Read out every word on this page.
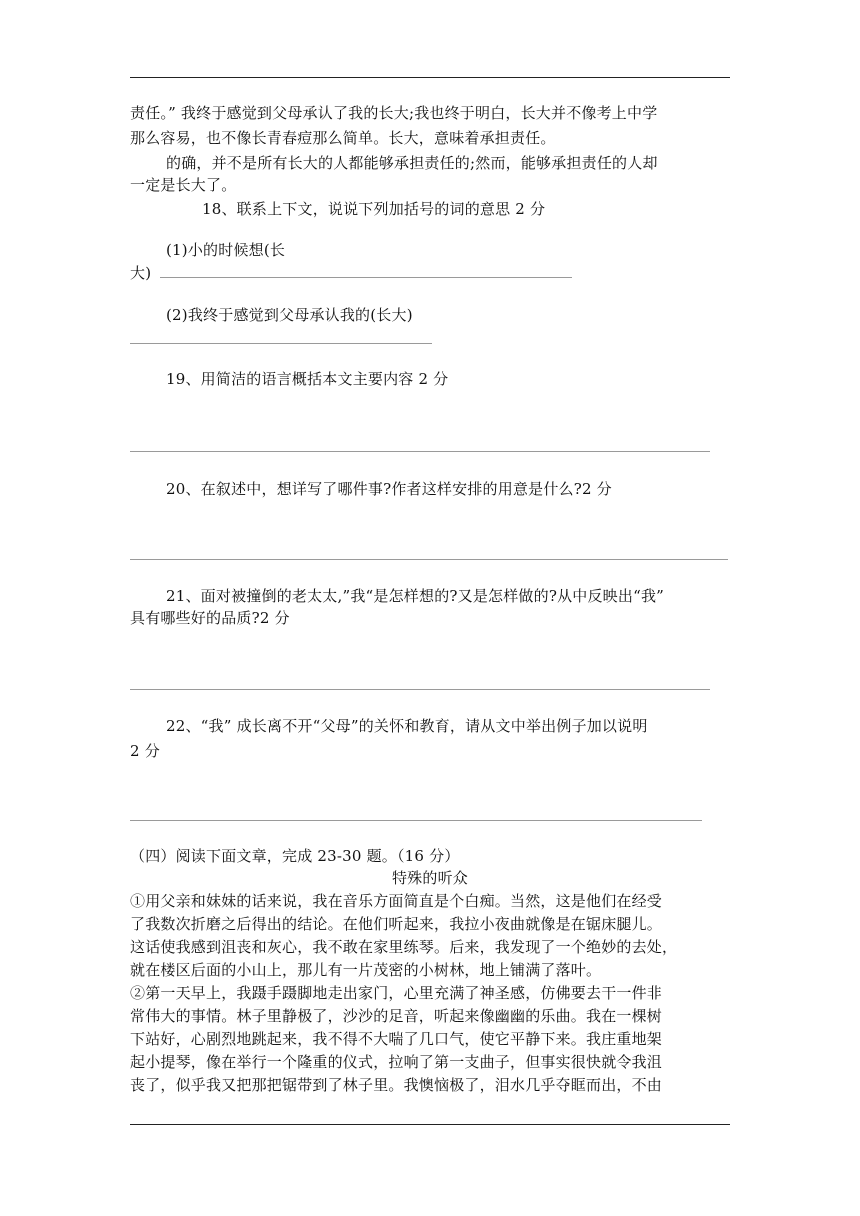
责任。” 我终于感觉到父母承认了我的长大;我也终于明白，长大并不像考上中学
那么容易，也不像长青春痘那么简单。长大，意味着承担责任。
的确，并不是所有长大的人都能够承担责任的;然而，能够承担责任的人却
一定是长大了。
18、联系上下文，说说下列加括号的词的意思 2 分
(1)小的时候想(长
大)
(2)我终于感觉到父母承认我的(长大)
19、用简洁的语言概括本文主要内容 2 分
20、在叙述中，想详写了哪件事?作者这样安排的用意是什么?2 分
21、面对被撞倒的老太太,”我“是怎样想的?又是怎样做的?从中反映出“我”
具有哪些好的品质?2 分
22、“我” 成长离不开“父母”的关怀和教育，请从文中举出例子加以说明
2 分
（四）阅读下面文章，完成 23-30 题。（16 分）
特殊的听众
①用父亲和妹妹的话来说，我在音乐方面简直是个白痴。当然，这是他们在经受
了我数次折磨之后得出的结论。在他们听起来，我拉小夜曲就像是在锯床腿儿。
这话使我感到沮丧和灰心，我不敢在家里练琴。后来，我发现了一个绝妙的去处，
就在楼区后面的小山上，那儿有一片茂密的小树林，地上铺满了落叶。
②第一天早上，我蹑手蹑脚地走出家门，心里充满了神圣感，仿佛要去干一件非
常伟大的事情。林子里静极了，沙沙的足音，听起来像幽幽的乐曲。我在一棵树
下站好，心剧烈地跳起来，我不得不大喘了几口气，使它平静下来。我庄重地架
起小提琴，像在举行一个隆重的仪式，拉响了第一支曲子，但事实很快就令我沮
丧了，似乎我又把那把锯带到了林子里。我懊恼极了，泪水几乎夺眶而出，不由
